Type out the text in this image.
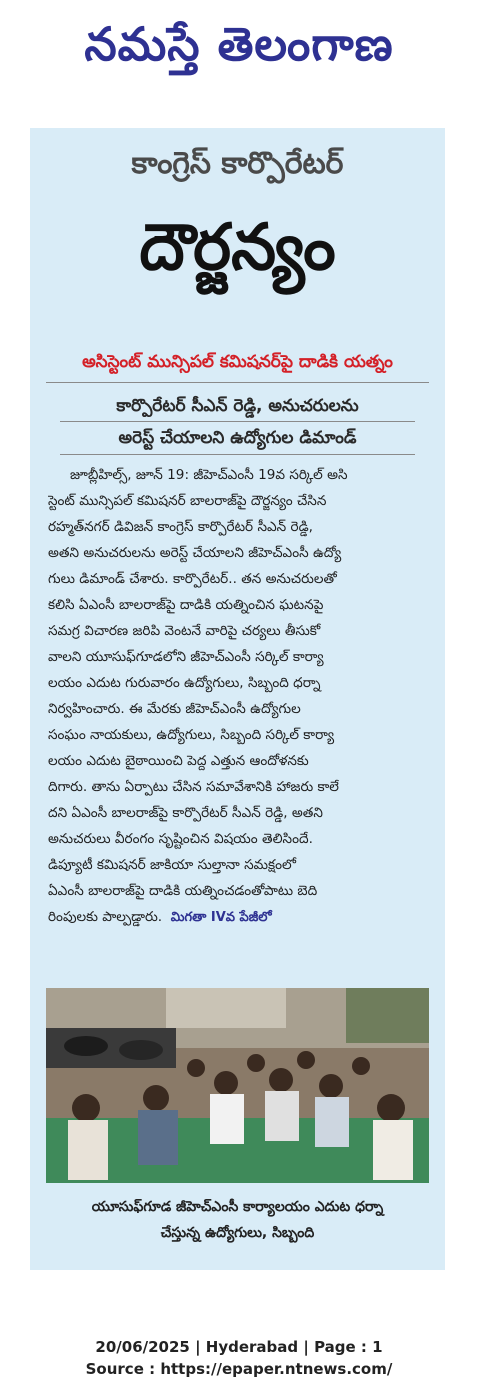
నమస్తే తెలంగాణ
కాంగ్రెస్ కార్పొరేటర్
దౌర్జన్యం
అసిస్టెంట్ మున్సిపల్ కమిషనర్‌పై దాడికి యత్నం
కార్పొరేటర్ సీఎన్ రెడ్డి, అనుచరులను
అరెస్ట్ చేయాలని ఉద్యోగుల డిమాండ్
జూబ్లీహిల్స్, జూన్ 19: జీహెచ్‌ఎంసీ 19వ సర్కిల్ అసి
స్టెంట్ మున్సిపల్ కమిషనర్ బాలరాజ్‌పై దౌర్జన్యం చేసిన
రహ్మత్‌నగర్ డివిజన్ కాంగ్రెస్ కార్పొరేటర్ సీఎన్ రెడ్డి,
అతని అనుచరులను అరెస్ట్ చేయాలని జీహెచ్‌ఎంసీ ఉద్యో
గులు డిమాండ్ చేశారు. కార్పొరేటర్.. తన అనుచరులతో
కలిసి ఏఎంసీ బాలరాజ్‌పై దాడికి యత్నించిన ఘటనపై
సమగ్ర విచారణ జరిపి వెంటనే వారిపై చర్యలు తీసుకో
వాలని యూసుఫ్‌గూడలోని జీహెచ్‌ఎంసీ సర్కిల్ కార్యా
లయం ఎదుట గురువారం ఉద్యోగులు, సిబ్బంది ధర్నా
నిర్వహించారు. ఈ మేరకు జీహెచ్‌ఎంసీ ఉద్యోగుల
సంఘం నాయకులు, ఉద్యోగులు, సిబ్బంది సర్కిల్ కార్యా
లయం ఎదుట బైఠాయించి పెద్ద ఎత్తున ఆందోళనకు
దిగారు. తాను ఏర్పాటు చేసిన సమావేశానికి హాజరు కాలే
దని ఏఎంసీ బాలరాజ్‌పై కార్పొరేటర్ సీఎన్ రెడ్డి, అతని
అనుచరులు వీరంగం సృష్టించిన విషయం తెలిసిందే.
డిప్యూటీ కమిషనర్ జాకియా సుల్తానా సమక్షంలో
ఏఎంసీ బాలరాజ్‌పై దాడికి యత్నించడంతోపాటు బెది
రింపులకు పాల్పడ్డారు. మిగతా IVవ పేజీలో
యూసుఫ్‌గూడ జీహెచ్‌ఎంసీ కార్యాలయం ఎదుట ధర్నా
చేస్తున్న ఉద్యోగులు, సిబ్బంది
20/06/2025 | Hyderabad | Page : 1
Source : https://epaper.ntnews.com/
